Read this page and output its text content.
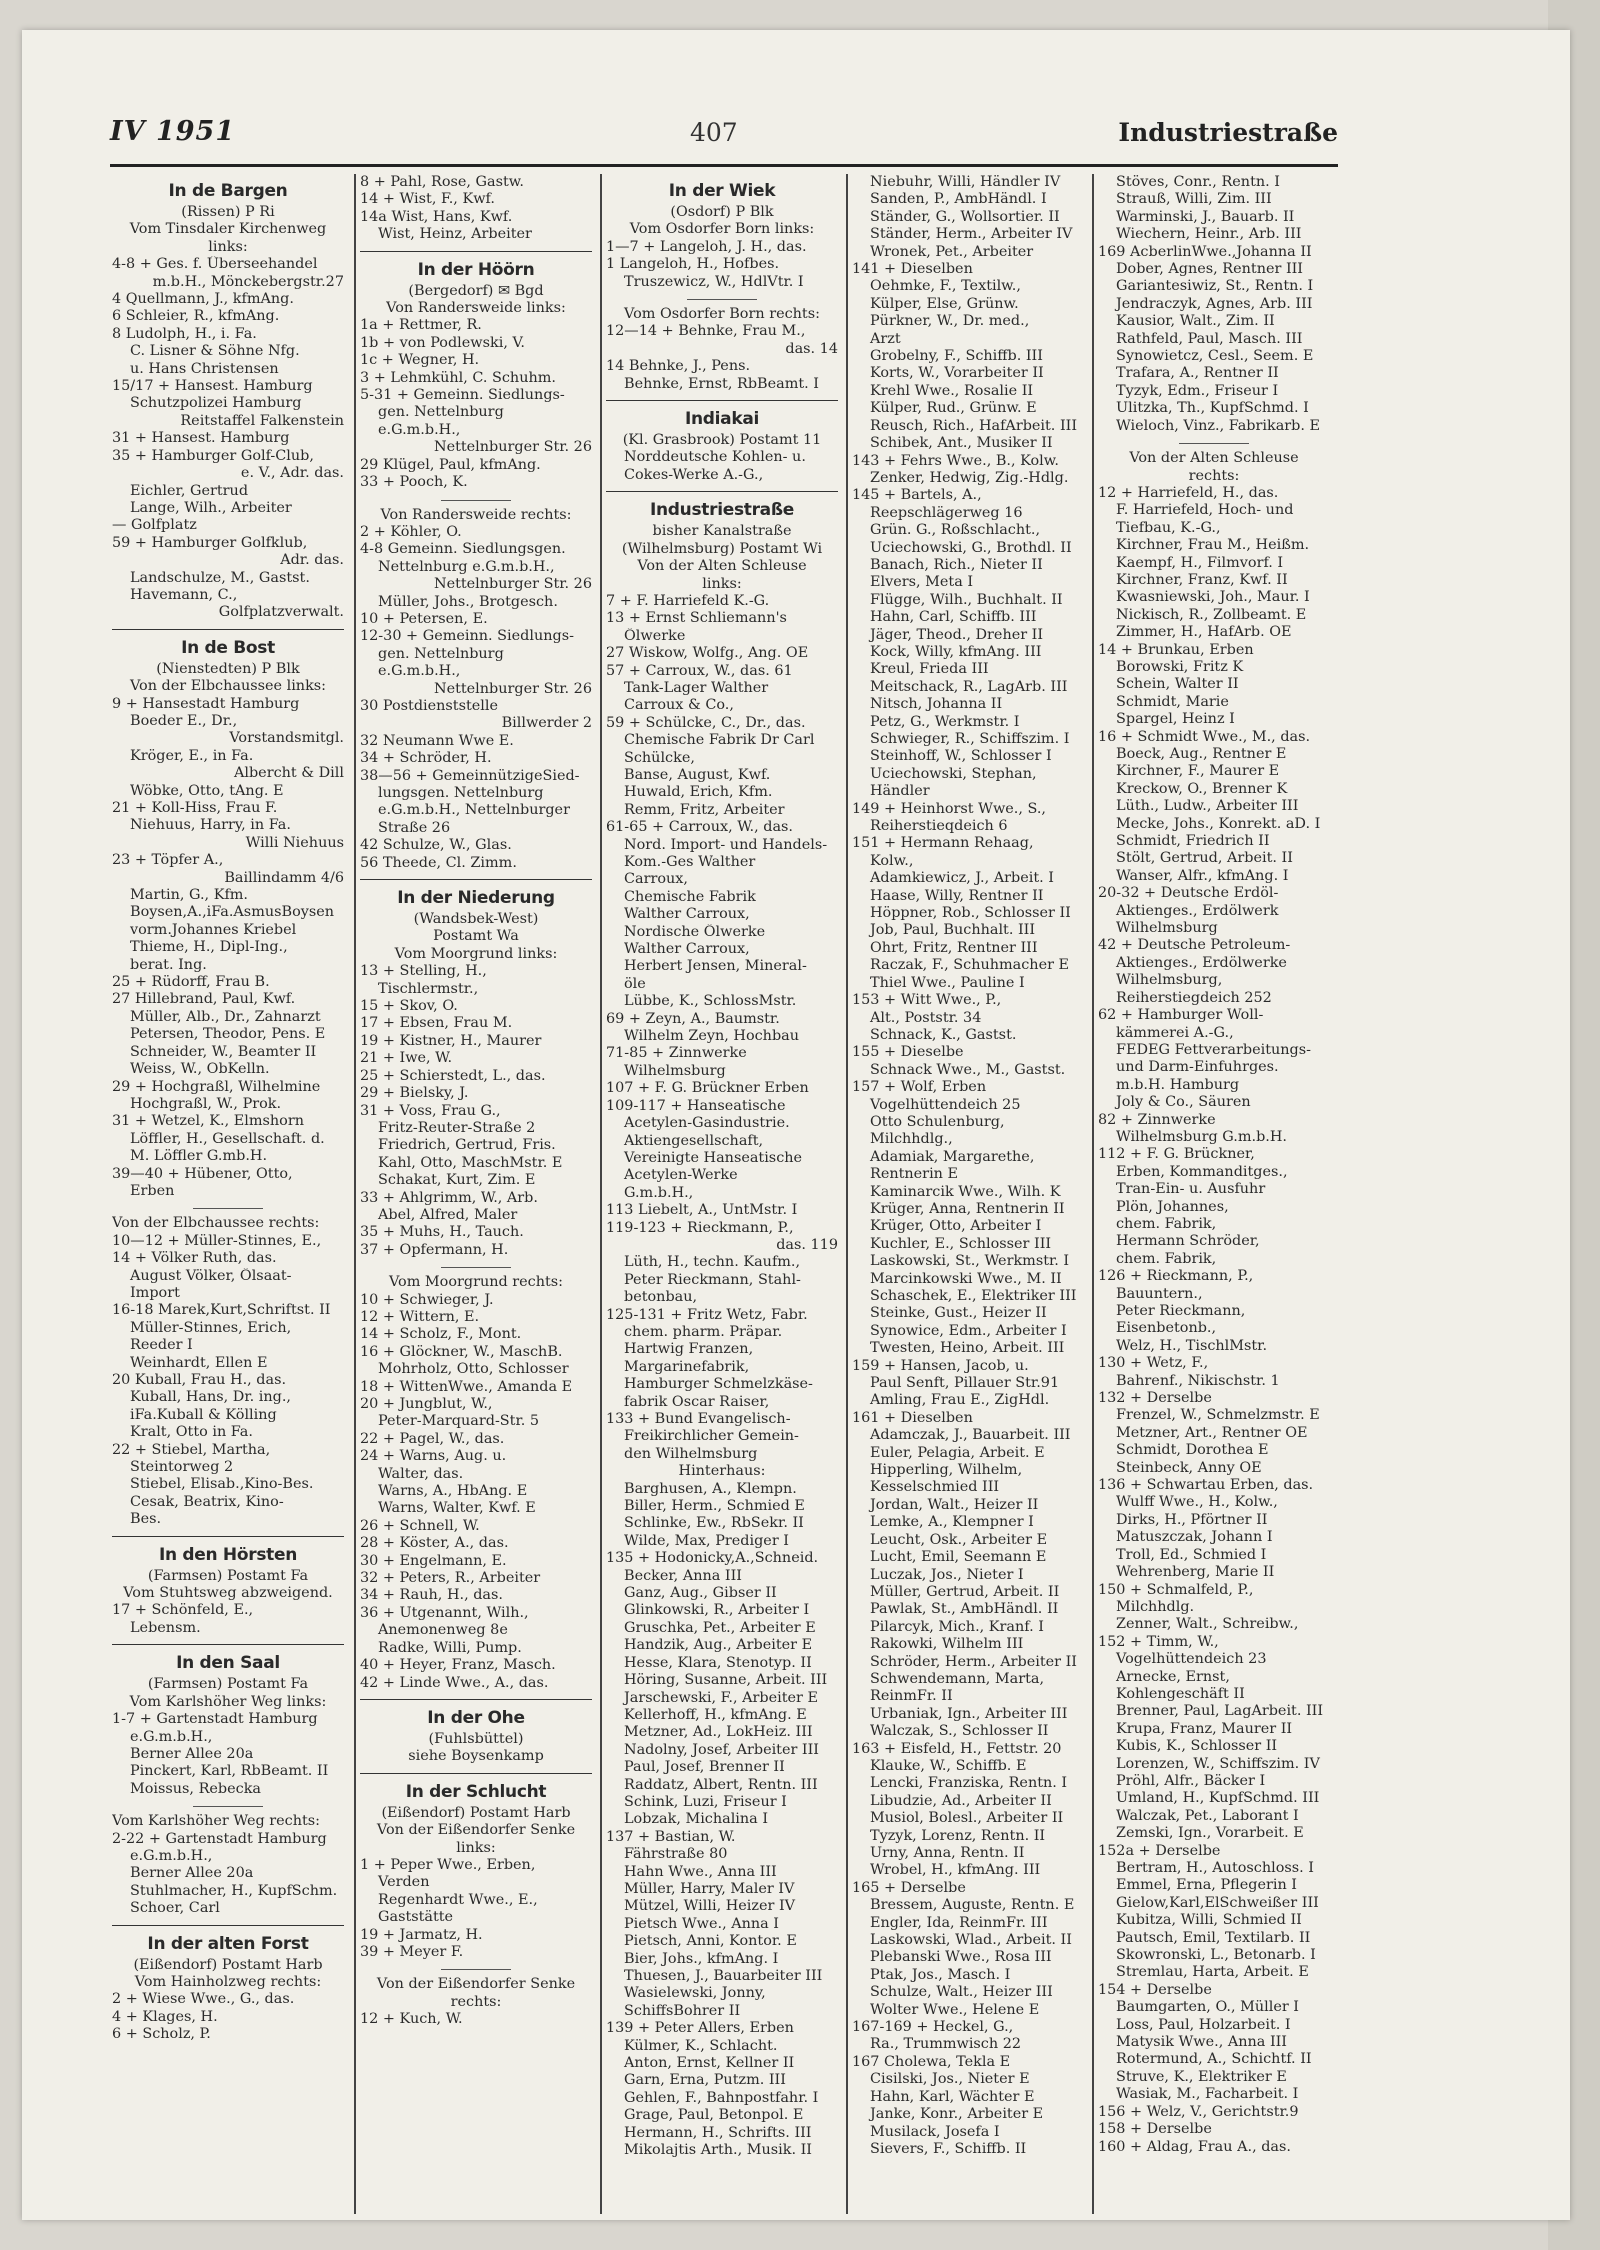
IV 1951	407	Industriestraße
In de Bargen
(Rissen) P Ri
Vom Tinsdaler Kirchenweg
links:
4-8 + Ges. f. Überseehandel
m.b.H., Mönckebergstr.27
4 Quellmann, J., kfmAng.
6 Schleier, R., kfmAng.
8 Ludolph, H., i. Fa.
C. Lisner & Söhne Nfg.
u. Hans Christensen
15/17 + Hansest. Hamburg
Schutzpolizei Hamburg
Reitstaffel Falkenstein
31 + Hansest. Hamburg
35 + Hamburger Golf-Club,
e. V., Adr. das.
Eichler, Gertrud
Lange, Wilh., Arbeiter
— Golfplatz
59 + Hamburger Golfklub,
Adr. das.
Landschulze, M., Gastst.
Havemann, C.,
Golfplatzverwalt.
In de Bost
(Nienstedten) P Blk
Von der Elbchaussee links:
9 + Hansestadt Hamburg
Boeder E., Dr.,
Vorstandsmitgl.
Kröger, E., in Fa.
Albercht & Dill
Wöbke, Otto, tAng. E
21 + Koll-Hiss, Frau F.
Niehuus, Harry, in Fa.
Willi Niehuus
23 + Töpfer A.,
Baillindamm 4/6
Martin, G., Kfm.
Boysen,A.,iFa.AsmusBoysen
vorm.Johannes Kriebel
Thieme, H., Dipl-Ing.,
berat. Ing.
25 + Rüdorff, Frau B.
27 Hillebrand, Paul, Kwf.
Müller, Alb., Dr., Zahnarzt
Petersen, Theodor, Pens. E
Schneider, W., Beamter II
Weiss, W., ObKelln.
29 + Hochgraßl, Wilhelmine
Hochgraßl, W., Prok.
31 + Wetzel, K., Elmshorn
Löffler, H., Gesellschaft. d.
M. Löffler G.mb.H.
39—40 + Hübener, Otto,
Erben
Von der Elbchaussee rechts:
10—12 + Müller-Stinnes, E.,
14 + Völker Ruth, das.
August Völker, Ölsaat-
Import
16-18 Marek,Kurt,Schriftst. II
Müller-Stinnes, Erich,
Reeder I
Weinhardt, Ellen E
20 Kuball, Frau H., das.
Kuball, Hans, Dr. ing.,
iFa.Kuball & Kölling
Kralt, Otto in Fa.
22 + Stiebel, Martha,
Steintorweg 2
Stiebel, Elisab.,Kino-Bes.
Cesak, Beatrix, Kino-
Bes.
In den Hörsten
(Farmsen) Postamt Fa
Vom Stuhtsweg abzweigend.
17 + Schönfeld, E.,
Lebensm.
In den Saal
(Farmsen) Postamt Fa
Vom Karlshöher Weg links:
1-7 + Gartenstadt Hamburg
e.G.m.b.H.,
Berner Allee 20a
Pinckert, Karl, RbBeamt. II
Moissus, Rebecka
Vom Karlshöher Weg rechts:
2-22 + Gartenstadt Hamburg
e.G.m.b.H.,
Berner Allee 20a
Stuhlmacher, H., KupfSchm.
Schoer, Carl
In der alten Forst
(Eißendorf) Postamt Harb
Vom Hainholzweg rechts:
2 + Wiese Wwe., G., das.
4 + Klages, H.
6 + Scholz, P.
8 + Pahl, Rose, Gastw.
14 + Wist, F., Kwf.
14a Wist, Hans, Kwf.
Wist, Heinz, Arbeiter
In der Höörn
(Bergedorf) ✉ Bgd
Von Randersweide links:
1a + Rettmer, R.
1b + von Podlewski, V.
1c + Wegner, H.
3 + Lehmkühl, C. Schuhm.
5-31 + Gemeinn. Siedlungs-
gen. Nettelnburg
e.G.m.b.H.,
Nettelnburger Str. 26
29 Klügel, Paul, kfmAng.
33 + Pooch, K.
Von Randersweide rechts:
2 + Köhler, O.
4-8 Gemeinn. Siedlungsgen.
Nettelnburg e.G.m.b.H.,
Nettelnburger Str. 26
Müller, Johs., Brotgesch.
10 + Petersen, E.
12-30 + Gemeinn. Siedlungs-
gen. Nettelnburg
e.G.m.b.H.,
Nettelnburger Str. 26
30 Postdienststelle
Billwerder 2
32 Neumann Wwe E.
34 + Schröder, H.
38—56 + GemeinnützigeSied-
lungsgen. Nettelnburg
e.G.m.b.H., Nettelnburger
Straße 26
42 Schulze, W., Glas.
56 Theede, Cl. Zimm.
In der Niederung
(Wandsbek-West)
Postamt Wa
Vom Moorgrund links:
13 + Stelling, H.,
Tischlermstr.,
15 + Skov, O.
17 + Ebsen, Frau M.
19 + Kistner, H., Maurer
21 + Iwe, W.
25 + Schierstedt, L., das.
29 + Bielsky, J.
31 + Voss, Frau G.,
Fritz-Reuter-Straße 2
Friedrich, Gertrud, Fris.
Kahl, Otto, MaschMstr. E
Schakat, Kurt, Zim. E
33 + Ahlgrimm, W., Arb.
Abel, Alfred, Maler
35 + Muhs, H., Tauch.
37 + Opfermann, H.
Vom Moorgrund rechts:
10 + Schwieger, J.
12 + Wittern, E.
14 + Scholz, F., Mont.
16 + Glöckner, W., MaschB.
Mohrholz, Otto, Schlosser
18 + WittenWwe., Amanda E
20 + Jungblut, W.,
Peter-Marquard-Str. 5
22 + Pagel, W., das.
24 + Warns, Aug. u.
Walter, das.
Warns, A., HbAng. E
Warns, Walter, Kwf. E
26 + Schnell, W.
28 + Köster, A., das.
30 + Engelmann, E.
32 + Peters, R., Arbeiter
34 + Rauh, H., das.
36 + Utgenannt, Wilh.,
Anemonenweg 8e
Radke, Willi, Pump.
40 + Heyer, Franz, Masch.
42 + Linde Wwe., A., das.
In der Ohe
(Fuhlsbüttel)
siehe Boysenkamp
In der Schlucht
(Eißendorf) Postamt Harb
Von der Eißendorfer Senke
links:
1 + Peper Wwe., Erben,
Verden
Regenhardt Wwe., E.,
Gaststätte
19 + Jarmatz, H.
39 + Meyer F.
Von der Eißendorfer Senke
rechts:
12 + Kuch, W.
In der Wiek
(Osdorf) P Blk
Vom Osdorfer Born links:
1—7 + Langeloh, J. H., das.
1 Langeloh, H., Hofbes.
Truszewicz, W., HdlVtr. I
Vom Osdorfer Born rechts:
12—14 + Behnke, Frau M.,
das. 14
14 Behnke, J., Pens.
Behnke, Ernst, RbBeamt. I
Indiakai
(Kl. Grasbrook) Postamt 11
Norddeutsche Kohlen- u.
Cokes-Werke A.-G.,
Industriestraße
bisher Kanalstraße
(Wilhelmsburg) Postamt Wi
Von der Alten Schleuse
links:
7 + F. Harriefeld K.-G.
13 + Ernst Schliemann's
Ölwerke
27 Wiskow, Wolfg., Ang. OE
57 + Carroux, W., das. 61
Tank-Lager Walther
Carroux & Co.,
59 + Schülcke, C., Dr., das.
Chemische Fabrik Dr Carl
Schülcke,
Banse, August, Kwf.
Huwald, Erich, Kfm.
Remm, Fritz, Arbeiter
61-65 + Carroux, W., das.
Nord. Import- und Handels-
Kom.-Ges Walther
Carroux,
Chemische Fabrik
Walther Carroux,
Nordische Ölwerke
Walther Carroux,
Herbert Jensen, Mineral-
öle
Lübbe, K., SchlossMstr.
69 + Zeyn, A., Baumstr.
Wilhelm Zeyn, Hochbau
71-85 + Zinnwerke
Wilhelmsburg
107 + F. G. Brückner Erben
109-117 + Hanseatische
Acetylen-Gasindustrie.
Aktiengesellschaft,
Vereinigte Hanseatische
Acetylen-Werke
G.m.b.H.,
113 Liebelt, A., UntMstr. I
119-123 + Rieckmann, P.,
das. 119
Lüth, H., techn. Kaufm.,
Peter Rieckmann, Stahl-
betonbau,
125-131 + Fritz Wetz, Fabr.
chem. pharm. Präpar.
Hartwig Franzen,
Margarinefabrik,
Hamburger Schmelzkäse-
fabrik Oscar Raiser,
133 + Bund Evangelisch-
Freikirchlicher Gemein-
den Wilhelmsburg
Hinterhaus:
Barghusen, A., Klempn.
Biller, Herm., Schmied E
Schlinke, Ew., RbSekr. II
Wilde, Max, Prediger I
135 + Hodonicky,A.,Schneid.
Becker, Anna III
Ganz, Aug., Gibser II
Glinkowski, R., Arbeiter I
Gruschka, Pet., Arbeiter E
Handzik, Aug., Arbeiter E
Hesse, Klara, Stenotyp. II
Höring, Susanne, Arbeit. III
Jarschewski, F., Arbeiter E
Kellerhoff, H., kfmAng. E
Metzner, Ad., LokHeiz. III
Nadolny, Josef, Arbeiter III
Paul, Josef, Brenner II
Raddatz, Albert, Rentn. III
Schink, Luzi, Friseur I
Lobzak, Michalina I
137 + Bastian, W.
Fährstraße 80
Hahn Wwe., Anna III
Müller, Harry, Maler IV
Mützel, Willi, Heizer IV
Pietsch Wwe., Anna I
Pietsch, Anni, Kontor. E
Bier, Johs., kfmAng. I
Thuesen, J., Bauarbeiter III
Wasielewski, Jonny,
SchiffsBohrer II
139 + Peter Allers, Erben
Külmer, K., Schlacht.
Anton, Ernst, Kellner II
Garn, Erna, Putzm. III
Gehlen, F., Bahnpostfahr. I
Grage, Paul, Betonpol. E
Hermann, H., Schrifts. III
Mikolajtis Arth., Musik. II
Niebuhr, Willi, Händler IV
Sanden, P., AmbHändl. I
Ständer, G., Wollsortier. II
Ständer, Herm., Arbeiter IV
Wronek, Pet., Arbeiter
141 + Dieselben
Oehmke, F., Textilw.,
Külper, Else, Grünw.
Pürkner, W., Dr. med.,
Arzt
Grobelny, F., Schiffb. III
Korts, W., Vorarbeiter II
Krehl Wwe., Rosalie II
Külper, Rud., Grünw. E
Reusch, Rich., HafArbeit. III
Schibek, Ant., Musiker II
143 + Fehrs Wwe., B., Kolw.
Zenker, Hedwig, Zig.-Hdlg.
145 + Bartels, A.,
Reepschlägerweg 16
Grün. G., Roßschlacht.,
Uciechowski, G., Brothdl. II
Banach, Rich., Nieter II
Elvers, Meta I
Flügge, Wilh., Buchhalt. II
Hahn, Carl, Schiffb. III
Jäger, Theod., Dreher II
Kock, Willy, kfmAng. III
Kreul, Frieda III
Meitschack, R., LagArb. III
Nitsch, Johanna II
Petz, G., Werkmstr. I
Schwieger, R., Schiffszim. I
Steinhoff, W., Schlosser I
Uciechowski, Stephan,
Händler
149 + Heinhorst Wwe., S.,
Reiherstieqdeich 6
151 + Hermann Rehaag,
Kolw.,
Adamkiewicz, J., Arbeit. I
Haase, Willy, Rentner II
Höppner, Rob., Schlosser II
Job, Paul, Buchhalt. III
Ohrt, Fritz, Rentner III
Raczak, F., Schuhmacher E
Thiel Wwe., Pauline I
153 + Witt Wwe., P.,
Alt., Poststr. 34
Schnack, K., Gastst.
155 + Dieselbe
Schnack Wwe., M., Gastst.
157 + Wolf, Erben
Vogelhüttendeich 25
Otto Schulenburg,
Milchhdlg.,
Adamiak, Margarethe,
Rentnerin E
Kaminarcik Wwe., Wilh. K
Krüger, Anna, Rentnerin II
Krüger, Otto, Arbeiter I
Kuchler, E., Schlosser III
Laskowski, St., Werkmstr. I
Marcinkowski Wwe., M. II
Schaschek, E., Elektriker III
Steinke, Gust., Heizer II
Synowice, Edm., Arbeiter I
Twesten, Heino, Arbeit. III
159 + Hansen, Jacob, u.
Paul Senft, Pillauer Str.91
Amling, Frau E., ZigHdl.
161 + Dieselben
Adamczak, J., Bauarbeit. III
Euler, Pelagia, Arbeit. E
Hipperling, Wilhelm,
Kesselschmied III
Jordan, Walt., Heizer II
Lemke, A., Klempner I
Leucht, Osk., Arbeiter E
Lucht, Emil, Seemann E
Luczak, Jos., Nieter I
Müller, Gertrud, Arbeit. II
Pawlak, St., AmbHändl. II
Pilarcyk, Mich., Kranf. I
Rakowki, Wilhelm III
Schröder, Herm., Arbeiter II
Schwendemann, Marta,
ReinmFr. II
Urbaniak, Ign., Arbeiter III
Walczak, S., Schlosser II
163 + Eisfeld, H., Fettstr. 20
Klauke, W., Schiffb. E
Lencki, Franziska, Rentn. I
Libudzie, Ad., Arbeiter II
Musiol, Bolesl., Arbeiter II
Tyzyk, Lorenz, Rentn. II
Urny, Anna, Rentn. II
Wrobel, H., kfmAng. III
165 + Derselbe
Bressem, Auguste, Rentn. E
Engler, Ida, ReinmFr. III
Laskowski, Wlad., Arbeit. II
Plebanski Wwe., Rosa III
Ptak, Jos., Masch. I
Schulze, Walt., Heizer III
Wolter Wwe., Helene E
167-169 + Heckel, G.,
Ra., Trummwisch 22
167 Cholewa, Tekla E
Cisilski, Jos., Nieter E
Hahn, Karl, Wächter E
Janke, Konr., Arbeiter E
Musilack, Josefa I
Sievers, F., Schiffb. II
Stöves, Conr., Rentn. I
Strauß, Willi, Zim. III
Warminski, J., Bauarb. II
Wiechern, Heinr., Arb. III
169 AcberlinWwe.,Johanna II
Dober, Agnes, Rentner III
Gariantesiwiz, St., Rentn. I
Jendraczyk, Agnes, Arb. III
Kausior, Walt., Zim. II
Rathfeld, Paul, Masch. III
Synowietcz, Cesl., Seem. E
Trafara, A., Rentner II
Tyzyk, Edm., Friseur I
Ulitzka, Th., KupfSchmd. I
Wieloch, Vinz., Fabrikarb. E
Von der Alten Schleuse
rechts:
12 + Harriefeld, H., das.
F. Harriefeld, Hoch- und
Tiefbau, K.-G.,
Kirchner, Frau M., Heißm.
Kaempf, H., Filmvorf. I
Kirchner, Franz, Kwf. II
Kwasniewski, Joh., Maur. I
Nickisch, R., Zollbeamt. E
Zimmer, H., HafArb. OE
14 + Brunkau, Erben
Borowski, Fritz K
Schein, Walter II
Schmidt, Marie
Spargel, Heinz I
16 + Schmidt Wwe., M., das.
Boeck, Aug., Rentner E
Kirchner, F., Maurer E
Kreckow, O., Brenner K
Lüth., Ludw., Arbeiter III
Mecke, Johs., Konrekt. aD. I
Schmidt, Friedrich II
Stölt, Gertrud, Arbeit. II
Wanser, Alfr., kfmAng. I
20-32 + Deutsche Erdöl-
Aktienges., Erdölwerk
Wilhelmsburg
42 + Deutsche Petroleum-
Aktienges., Erdölwerke
Wilhelmsburg,
Reiherstiegdeich 252
62 + Hamburger Woll-
kämmerei A.-G.,
FEDEG Fettverarbeitungs-
und Darm-Einfuhrges.
m.b.H. Hamburg
Joly & Co., Säuren
82 + Zinnwerke
Wilhelmsburg G.m.b.H.
112 + F. G. Brückner,
Erben, Kommanditges.,
Tran-Ein- u. Ausfuhr
Plön, Johannes,
chem. Fabrik,
Hermann Schröder,
chem. Fabrik,
126 + Rieckmann, P.,
Bauuntern.,
Peter Rieckmann,
Eisenbetonb.,
Welz, H., TischlMstr.
130 + Wetz, F.,
Bahrenf., Nikischstr. 1
132 + Derselbe
Frenzel, W., Schmelzmstr. E
Metzner, Art., Rentner OE
Schmidt, Dorothea E
Steinbeck, Anny OE
136 + Schwartau Erben, das.
Wulff Wwe., H., Kolw.,
Dirks, H., Pförtner II
Matuszczak, Johann I
Troll, Ed., Schmied I
Wehrenberg, Marie II
150 + Schmalfeld, P.,
Milchhdlg.
Zenner, Walt., Schreibw.,
152 + Timm, W.,
Vogelhüttendeich 23
Arnecke, Ernst,
Kohlengeschäft II
Brenner, Paul, LagArbeit. III
Krupa, Franz, Maurer II
Kubis, K., Schlosser II
Lorenzen, W., Schiffszim. IV
Pröhl, Alfr., Bäcker I
Umland, H., KupfSchmd. III
Walczak, Pet., Laborant I
Zemski, Ign., Vorarbeit. E
152a + Derselbe
Bertram, H., Autoschloss. I
Emmel, Erna, Pflegerin I
Gielow,Karl,ElSchweißer III
Kubitza, Willi, Schmied II
Pautsch, Emil, Textilarb. II
Skowronski, L., Betonarb. I
Stremlau, Harta, Arbeit. E
154 + Derselbe
Baumgarten, O., Müller I
Loss, Paul, Holzarbeit. I
Matysik Wwe., Anna III
Rotermund, A., Schichtf. II
Struve, K., Elektriker E
Wasiak, M., Facharbeit. I
156 + Welz, V., Gerichtstr.9
158 + Derselbe
160 + Aldag, Frau A., das.
